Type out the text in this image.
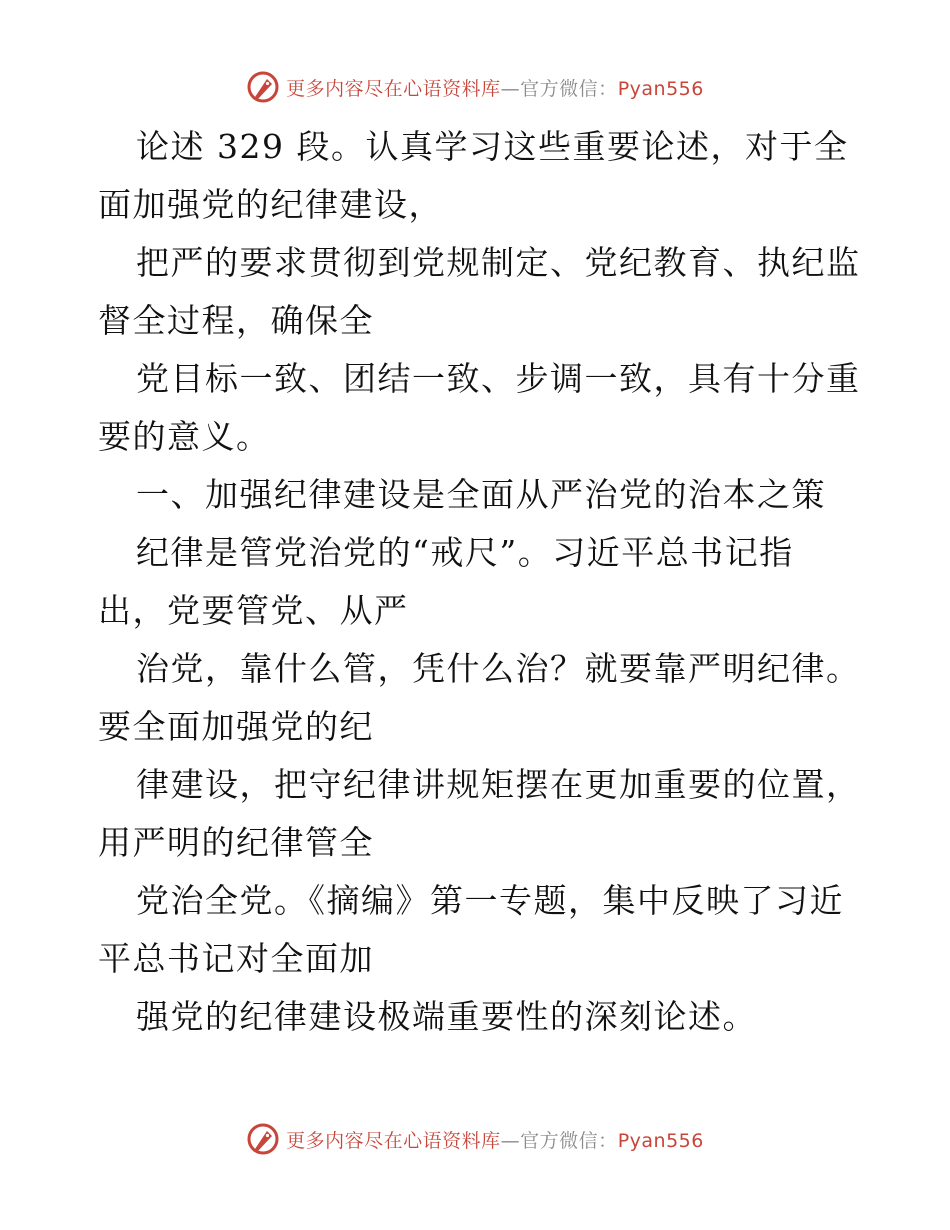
更多内容尽在心语资料库—官方微信：Pyan556

论述 329 段。认真学习这些重要论述，对于全
面加强党的纪律建设，

把严的要求贯彻到党规制定、党纪教育、执纪监
督全过程，确保全

党目标一致、团结一致、步调一致，具有十分重
要的意义。

一、加强纪律建设是全面从严治党的治本之策

纪律是管党治党的“戒尺”。习近平总书记指
出，党要管党、从严

治党，靠什么管，凭什么治？就要靠严明纪律。
要全面加强党的纪

律建设，把守纪律讲规矩摆在更加重要的位置，
用严明的纪律管全

党治全党。《摘编》第一专题，集中反映了习近
平总书记对全面加

强党的纪律建设极端重要性的深刻论述。

更多内容尽在心语资料库—官方微信：Pyan556
